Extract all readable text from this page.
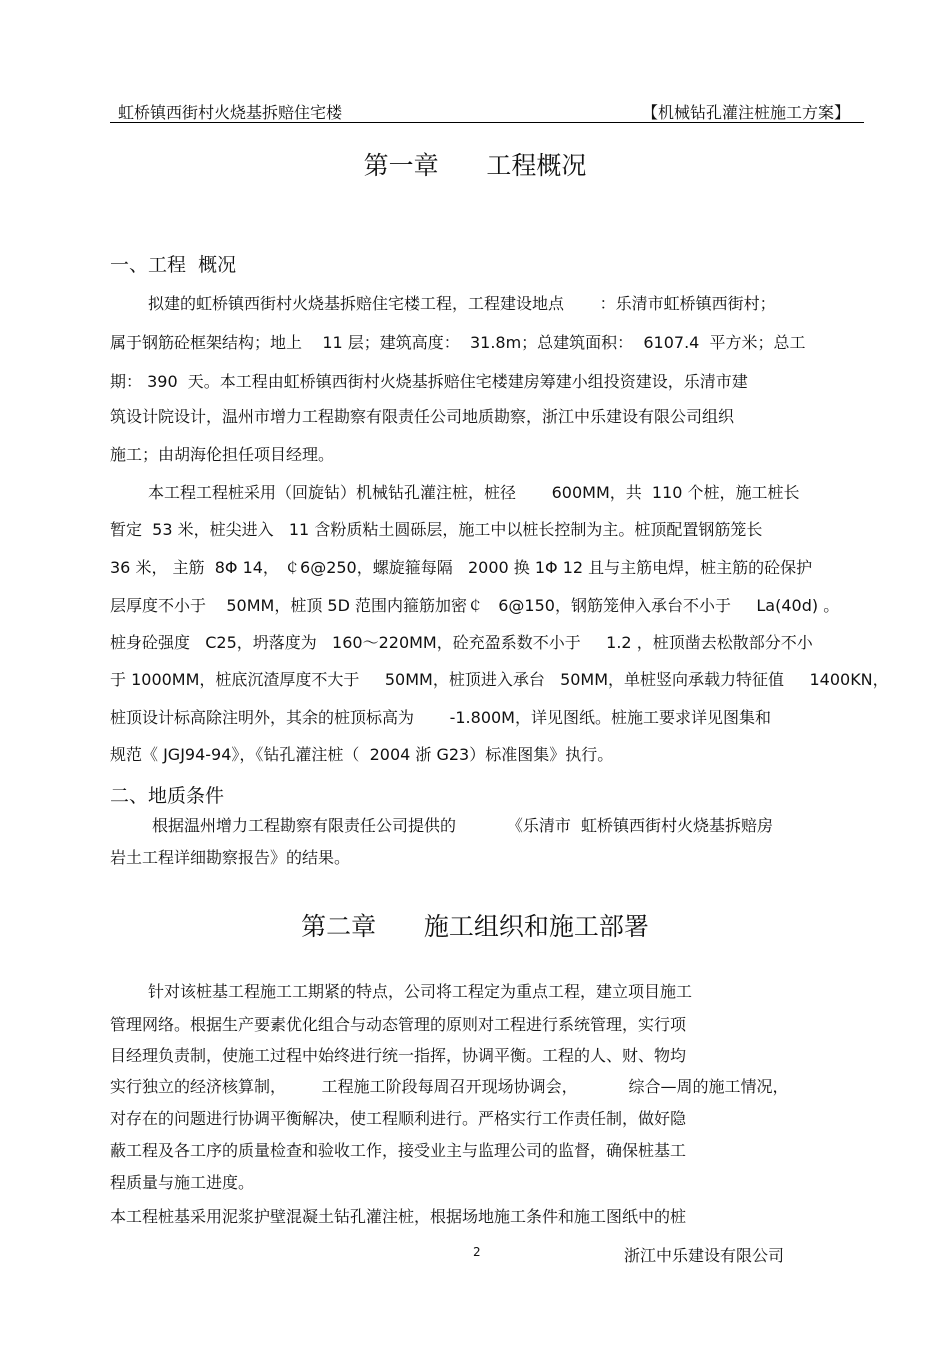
虹桥镇西街村火烧基拆赔住宅楼	【机械钻孔灌注桩施工方案】
第一章      工程概况
一、工程  概况
拟建的虹桥镇西街村火烧基拆赔住宅楼工程，工程建设地点       ：乐清市虹桥镇西街村；
属于钢筋砼框架结构；地上    11 层；建筑高度：  31.8m；总建筑面积：  6107.4  平方米；总工
期： 390  天。本工程由虹桥镇西街村火烧基拆赔住宅楼建房筹建小组投资建设，乐清市建
筑设计院设计，温州市增力工程勘察有限责任公司地质勘察，浙江中乐建设有限公司组织
施工；由胡海伦担任项目经理。
本工程工程桩采用（回旋钻）机械钻孔灌注桩，桩径       600MM，共  110 个桩，施工桩长
暂定  53 米，桩尖进入   11 含粉质粘土圆砾层，施工中以桩长控制为主。桩顶配置钢筋笼长
36 米， 主筋  8Φ 14， ￠6@250，螺旋箍每隔   2000 换 1Φ 12 且与主筋电焊，桩主筋的砼保护
层厚度不小于    50MM，桩顶 5D 范围内箍筋加密￠   6@150，钢筋笼伸入承台不小于     La(40d) 。
桩身砼强度   C25，坍落度为   160～220MM，砼充盈系数不小于     1.2 ，桩顶凿去松散部分不小
于 1000MM，桩底沉渣厚度不大于     50MM，桩顶进入承台   50MM，单桩竖向承载力特征值     1400KN，
桩顶设计标高除注明外，其余的桩顶标高为       -1.800M，详见图纸。桩施工要求详见图集和
规范《 JGJ94-94》，《钻孔灌注桩（  2004 浙 G23）标准图集》执行。
二、地质条件
根据温州增力工程勘察有限责任公司提供的          《乐清市  虹桥镇西街村火烧基拆赔房
岩土工程详细勘察报告》的结果。
第二章      施工组织和施工部署
针对该桩基工程施工工期紧的特点，公司将工程定为重点工程，建立项目施工
管理网络。根据生产要素优化组合与动态管理的原则对工程进行系统管理，实行项
目经理负责制，使施工过程中始终进行统一指挥，协调平衡。工程的人、财、物均
实行独立的经济核算制，       工程施工阶段每周召开现场协调会，          综合—周的施工情况，
对存在的问题进行协调平衡解决，使工程顺利进行。严格实行工作责任制，做好隐
蔽工程及各工序的质量检查和验收工作，接受业主与监理公司的监督，确保桩基工
程质量与施工进度。
本工程桩基采用泥浆护壁混凝土钻孔灌注桩，根据场地施工条件和施工图纸中的桩
2	浙江中乐建设有限公司
